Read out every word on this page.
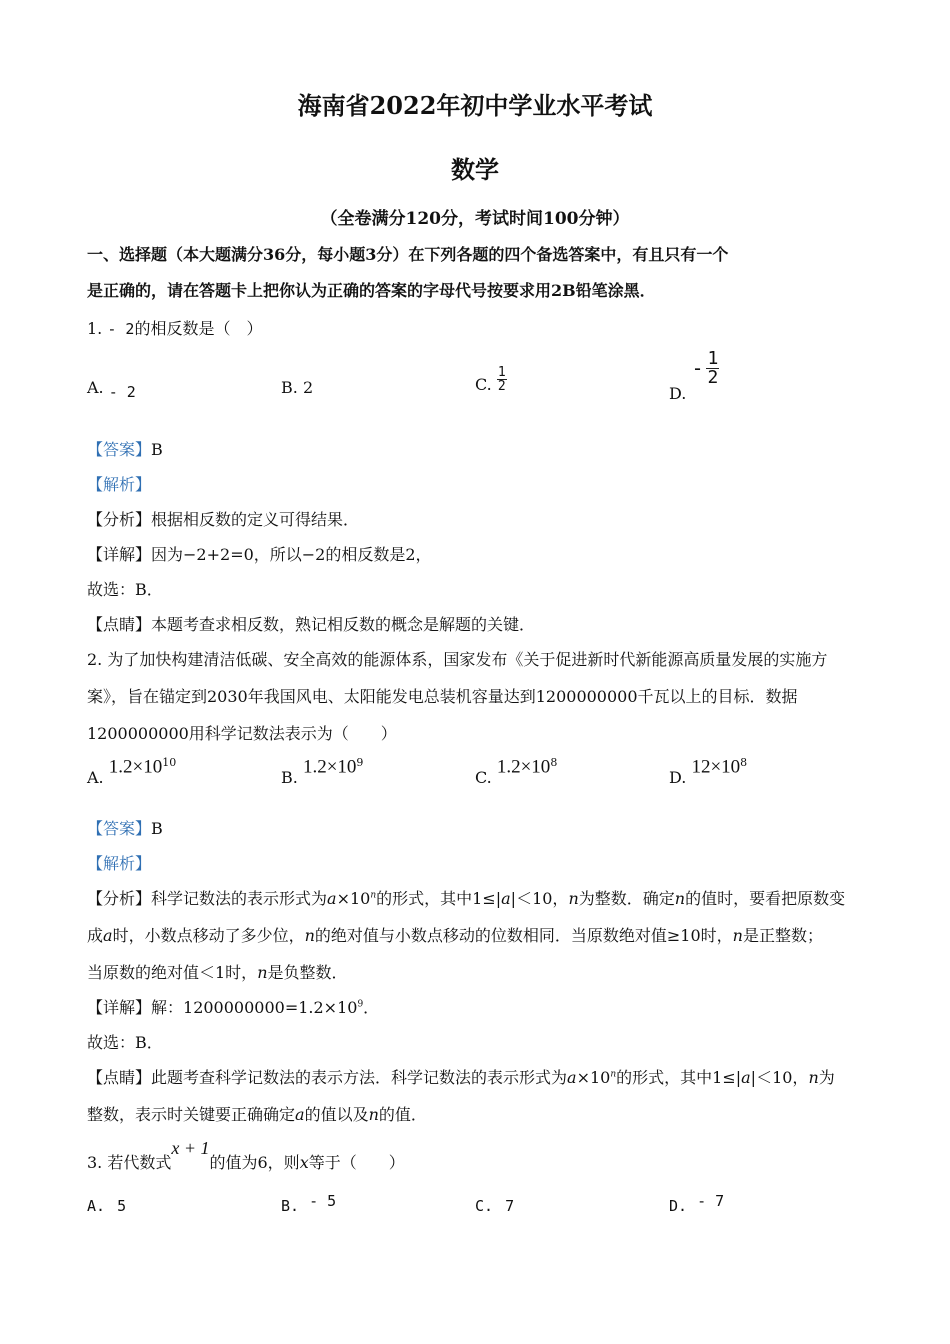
海南省2022年初中学业水平考试
数学
（全卷满分120分，考试时间100分钟）
一、选择题（本大题满分36分，每小题3分）在下列各题的四个备选答案中，有且只有一个
是正确的，请在答题卡上把你认为正确的答案的字母代号按要求用2B铅笔涂黑．
1. - 2的相反数是（　）
A. - 2	B. 2	C. $\frac{1}{2}$
D. - $\frac{1}{2}$
【答案】B
【解析】
【分析】根据相反数的定义可得结果．
【详解】因为−2+2=0，所以−2的相反数是2，
故选：B．
【点睛】本题考查求相反数，熟记相反数的概念是解题的关键．
2. 为了加快构建清洁低碳、安全高效的能源体系，国家发布《关于促进新时代新能源高质量发展的实施方
案》，旨在锚定到2030年我国风电、太阳能发电总装机容量达到1200000000千瓦以上的目标．数据
1200000000用科学记数法表示为（　　）
A. $1.2\times 10^{10}$
B. $1.2\times 10^9$
C. $1.2\times 10^8$
D. $12\times 10^8$
【答案】B
【解析】
【分析】科学记数法的表示形式为$a\times 10^n$的形式，其中1≤|a|＜10，n为整数．确定n的值时，要看把原数变
成a时，小数点移动了多少位，n的绝对值与小数点移动的位数相同．当原数绝对值≥10时，n是正整数；
当原数的绝对值＜1时，n是负整数．
【详解】解：$1200000000=1.2\times 10^9$．
故选：B．
【点睛】此题考查科学记数法的表示方法．科学记数法的表示形式为$a\times 10^n$的形式，其中1≤|a|＜10，n为
整数，表示时关键要正确确定a的值以及n的值．
3. 若代数式x + 1的值为6，则x等于（　　）
A. 5	B. - 5	C. 7	D. - 7
